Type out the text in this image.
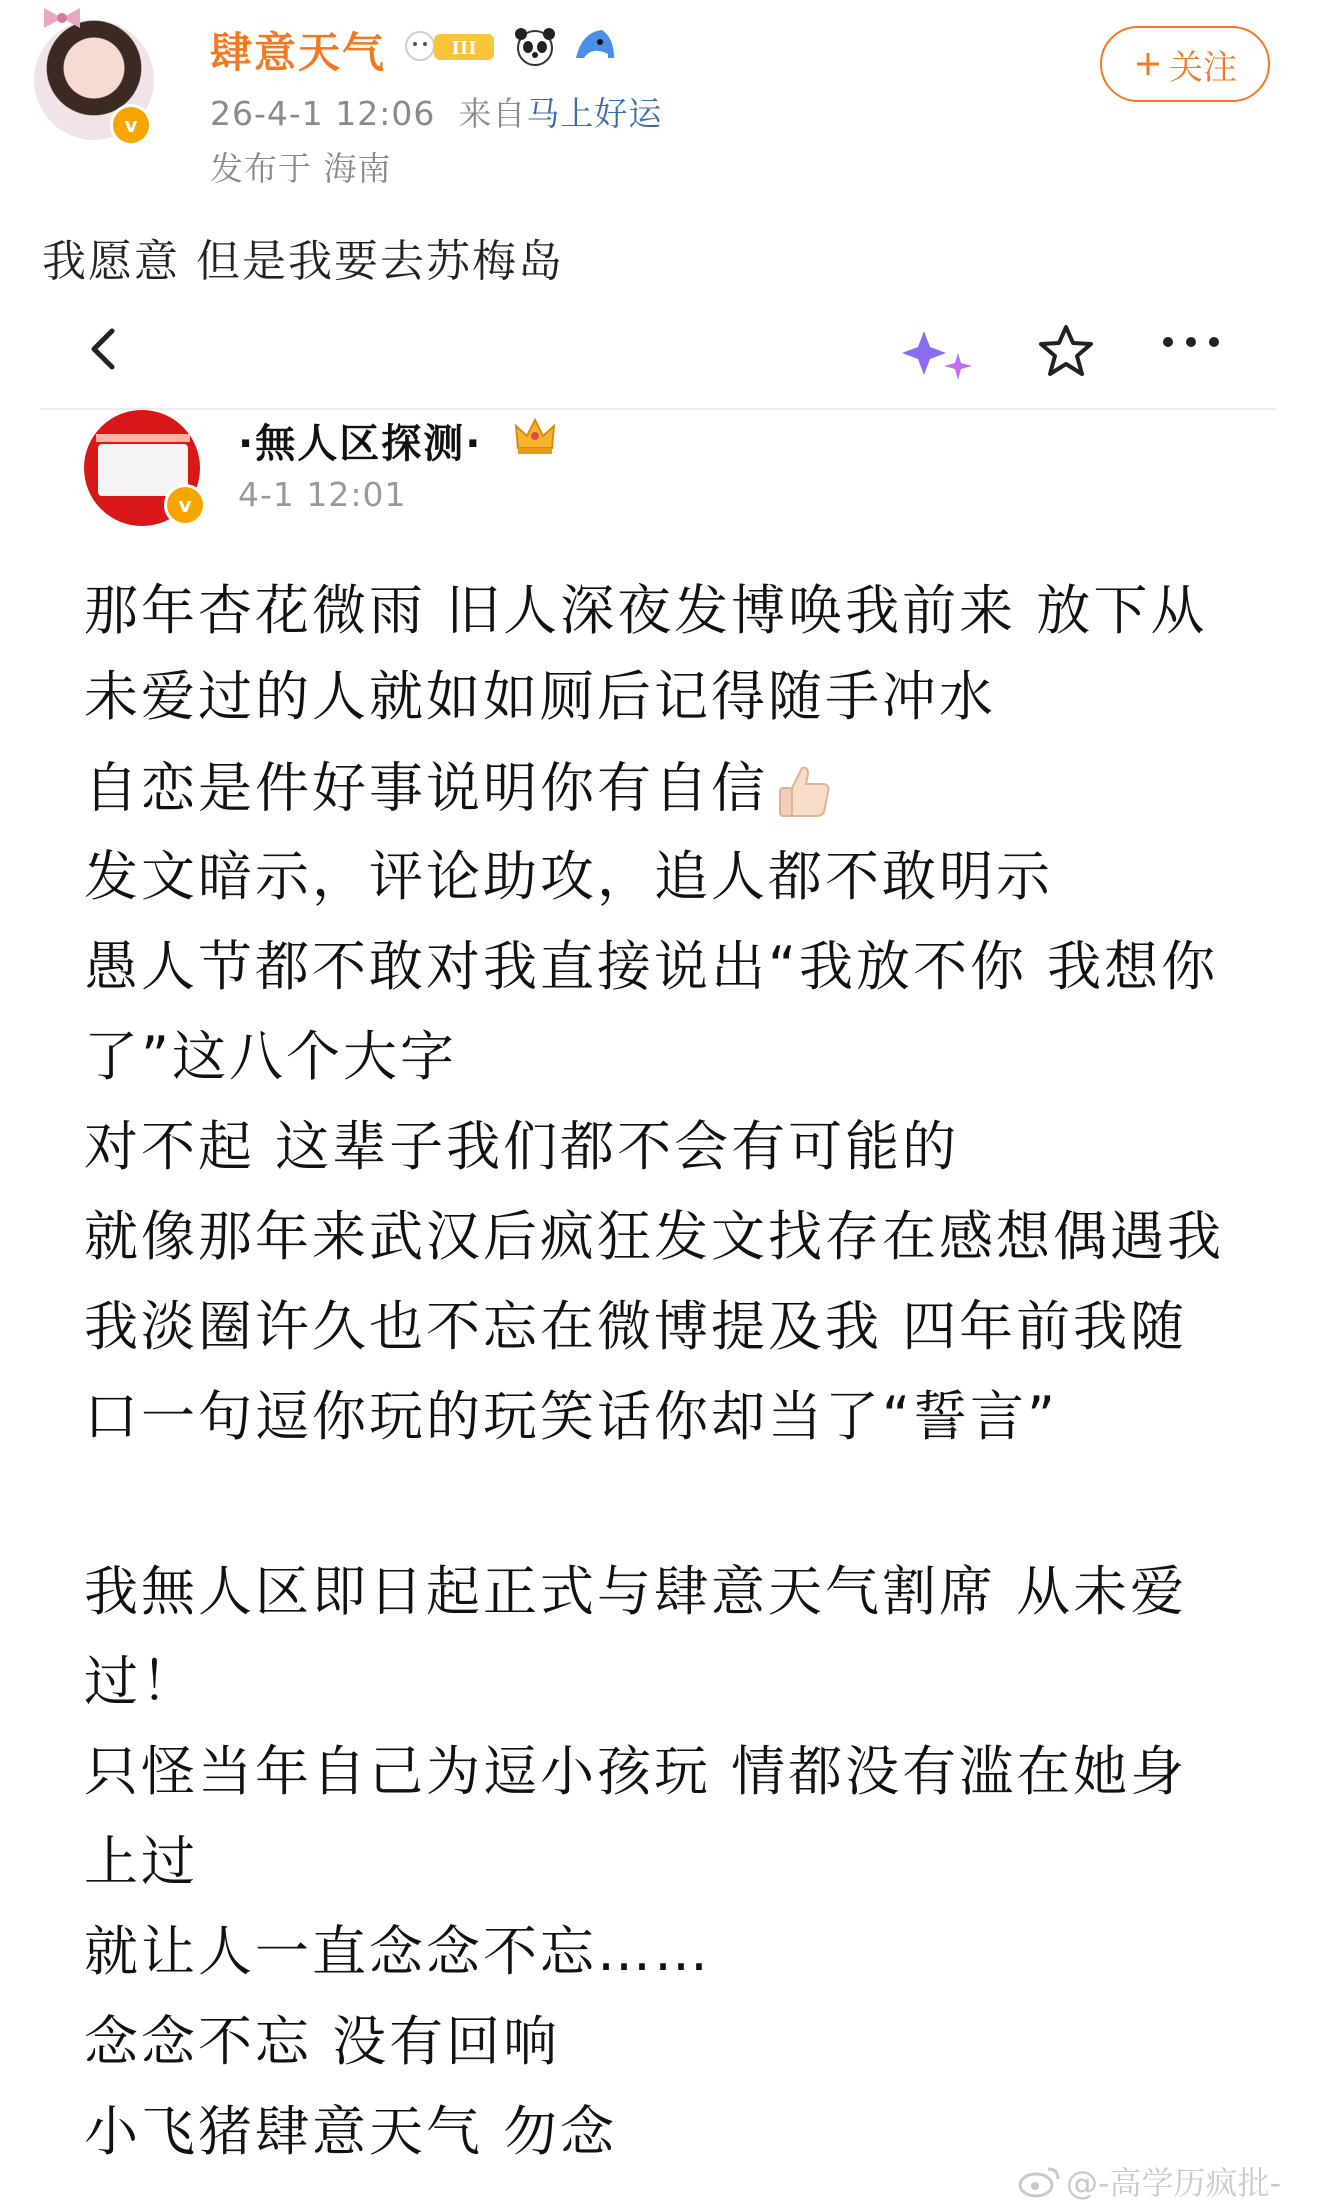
v
肆意天气	III
26-4-1 12:06 来自马上好运
发布于 海南
关注
我愿意 但是我要去苏梅岛
v
·無人区探测·
4-1 12:01
那年杏花微雨 旧人深夜发博唤我前来 放下从
未爱过的人就如如厕后记得随手冲水
自恋是件好事说明你有自信
发文暗示，评论助攻，追人都不敢明示
愚人节都不敢对我直接说出“我放不你 我想你
了”这八个大字
对不起 这辈子我们都不会有可能的
就像那年来武汉后疯狂发文找存在感想偶遇我
我淡圈许久也不忘在微博提及我 四年前我随
口一句逗你玩的玩笑话你却当了“誓言”
我無人区即日起正式与肆意天气割席 从未爱
过！
只怪当年自己为逗小孩玩 情都没有滥在她身
上过
就让人一直念念不忘……
念念不忘 没有回响
小飞猪肆意天气 勿念
@-高学历疯批-
